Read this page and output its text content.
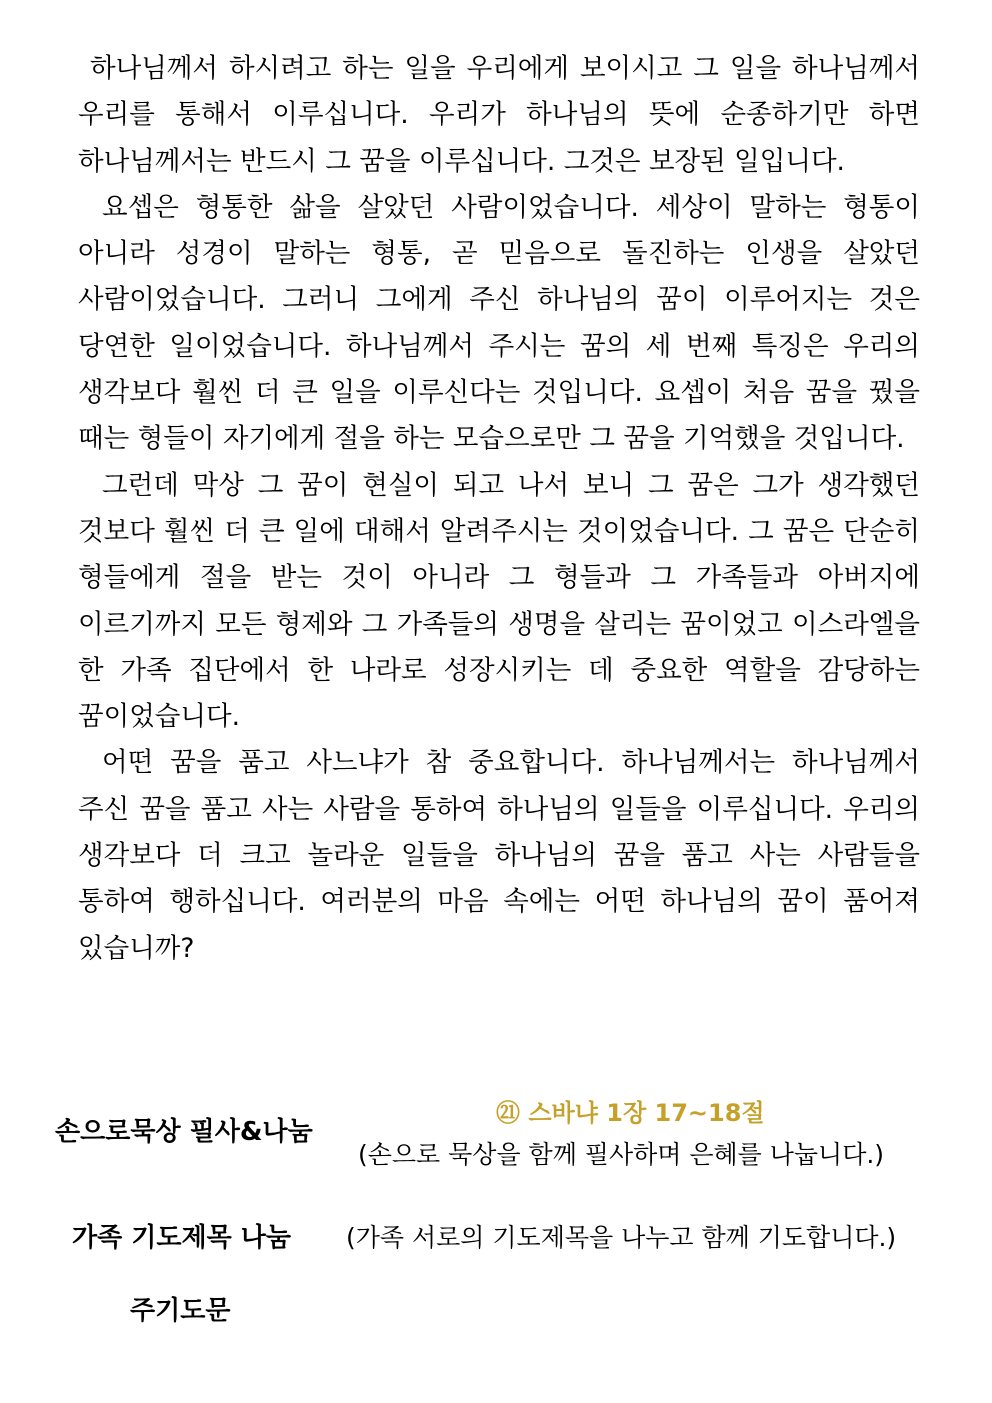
하나님께서 하시려고 하는 일을 우리에게 보이시고 그 일을 하나님께서 우리를 통해서 이루십니다. 우리가 하나님의 뜻에 순종하기만 하면 하나님께서는 반드시 그 꿈을 이루십니다. 그것은 보장된 일입니다.

요셉은 형통한 삶을 살았던 사람이었습니다. 세상이 말하는 형통이 아니라 성경이 말하는 형통, 곧 믿음으로 돌진하는 인생을 살았던 사람이었습니다. 그러니 그에게 주신 하나님의 꿈이 이루어지는 것은 당연한 일이었습니다. 하나님께서 주시는 꿈의 세 번째 특징은 우리의 생각보다 훨씬 더 큰 일을 이루신다는 것입니다. 요셉이 처음 꿈을 꿨을 때는 형들이 자기에게 절을 하는 모습으로만 그 꿈을 기억했을 것입니다.

그런데 막상 그 꿈이 현실이 되고 나서 보니 그 꿈은 그가 생각했던 것보다 훨씬 더 큰 일에 대해서 알려주시는 것이었습니다. 그 꿈은 단순히 형들에게 절을 받는 것이 아니라 그 형들과 그 가족들과 아버지에 이르기까지 모든 형제와 그 가족들의 생명을 살리는 꿈이었고 이스라엘을 한 가족 집단에서 한 나라로 성장시키는 데 중요한 역할을 감당하는 꿈이었습니다.

어떤 꿈을 품고 사느냐가 참 중요합니다. 하나님께서는 하나님께서 주신 꿈을 품고 사는 사람을 통하여 하나님의 일들을 이루십니다. 우리의 생각보다 더 크고 놀라운 일들을 하나님의 꿈을 품고 사는 사람들을 통하여 행하십니다. 여러분의 마음 속에는 어떤 하나님의 꿈이 품어져 있습니까?

손으로묵상 필사&나눔
㉑ 스바냐 1장 17~18절
(손으로 묵상을 함께 필사하며 은혜를 나눕니다.)
가족 기도제목 나눔 (가족 서로의 기도제목을 나누고 함께 기도합니다.)
주기도문
